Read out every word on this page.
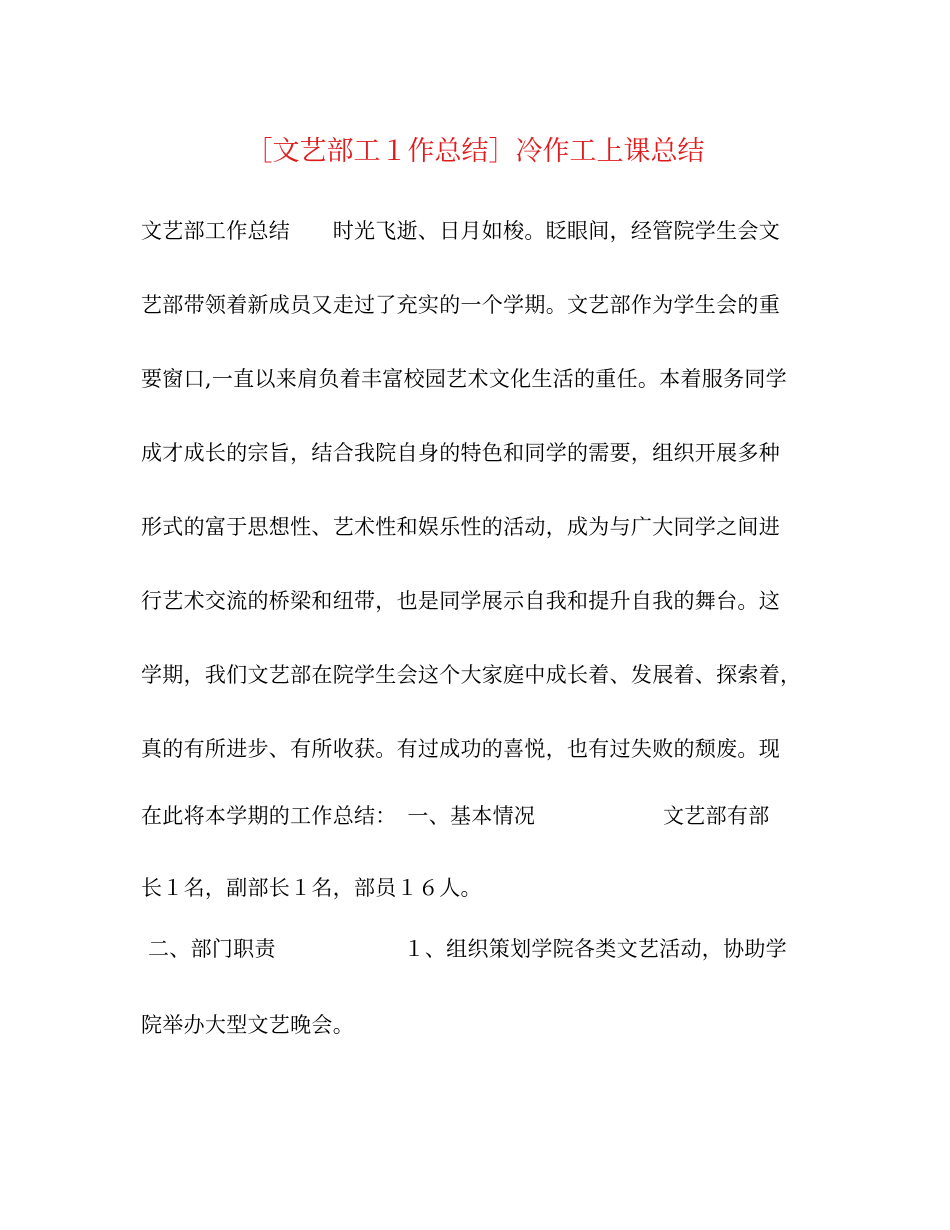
［文艺部工１作总结］冷作工上课总结
文艺部工作总结　　时光飞逝、日月如梭。眨眼间，经管院学生会文
艺部带领着新成员又走过了充实的一个学期。文艺部作为学生会的重
要窗口,一直以来肩负着丰富校园艺术文化生活的重任。本着服务同学
成才成长的宗旨，结合我院自身的特色和同学的需要，组织开展多种
形式的富于思想性、艺术性和娱乐性的活动，成为与广大同学之间进
行艺术交流的桥梁和纽带，也是同学展示自我和提升自我的舞台。这
学期，我们文艺部在院学生会这个大家庭中成长着、发展着、探索着，
真的有所进步、有所收获。有过成功的喜悦，也有过失败的颓废。现
在此将本学期的工作总结：　一、基本情况　　　　　　文艺部有部
长１名，副部长１名，部员１６人。
二、部门职责　　　　　　１、组织策划学院各类文艺活动，协助学
院举办大型文艺晚会。
